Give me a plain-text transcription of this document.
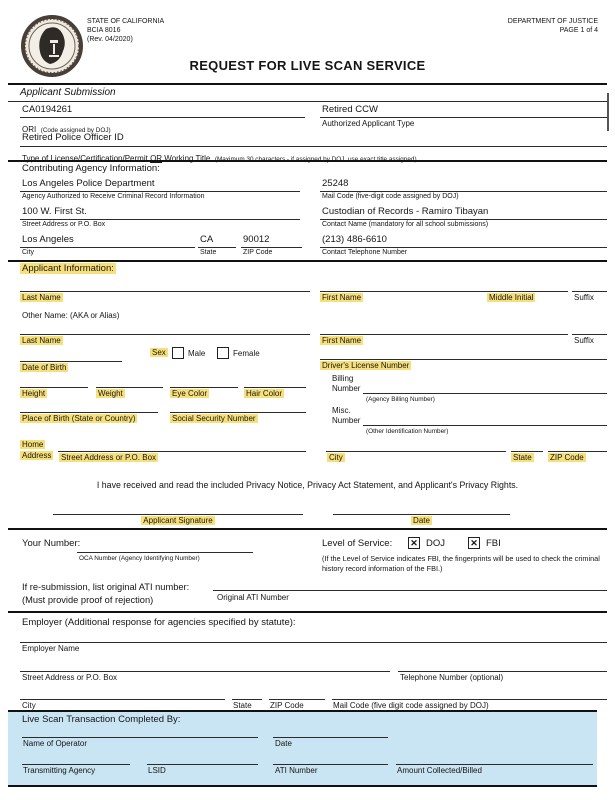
STATE OF CALIFORNIA
BCIA 8016
(Rev. 04/2020)
DEPARTMENT OF JUSTICE
PAGE 1 of 4
REQUEST FOR LIVE SCAN SERVICE
Applicant Submission
CA0194261
ORI (Code assigned by DOJ)
Retired CCW
Authorized Applicant Type
Retired Police Officer ID
Type of License/Certification/Permit OR Working Title (Maximum 30 characters - if assigned by DOJ, use exact title assigned)
Contributing Agency Information:
Los Angeles Police Department
Agency Authorized to Receive Criminal Record Information
25248
Mail Code (five-digit code assigned by DOJ)
100 W. First St.
Street Address or P.O. Box
Custodian of Records - Ramiro Tibayan
Contact Name (mandatory for all school submissions)
Los Angeles
City
CA
State
90012
ZIP Code
(213) 486-6610
Contact Telephone Number
Applicant Information:
Last Name	First Name	Middle Initial	Suffix
Other Name: (AKA or Alias)
Last Name	First Name	Suffix
Sex	Male	Female
Date of Birth	Driver's License Number
Billing
Number
(Agency Billing Number)
Height	Weight	Eye Color	Hair Color
Place of Birth (State or Country)	Social Security Number
Misc.
Number
(Other Identification Number)
Home
Address Street Address or P.O. Box	City	State ZIP Code
I have received and read the included Privacy Notice, Privacy Act Statement, and Applicant's Privacy Rights.
Applicant Signature	Date
Your Number:
OCA Number (Agency Identifying Number)
Level of Service: ✕ DOJ	✕ FBI
(If the Level of Service indicates FBI, the fingerprints will be used to check the criminal history record information of the FBI.)
If re-submission, list original ATI number:
(Must provide proof of rejection)	Original ATI Number
Employer (Additional response for agencies specified by statute):
Employer Name
Street Address or P.O. Box	Telephone Number (optional)
City	State ZIP Code	Mail Code (five digit code assigned by DOJ)
Live Scan Transaction Completed By:
Name of Operator	Date
Transmitting Agency	LSID	ATI Number	Amount Collected/Billed
